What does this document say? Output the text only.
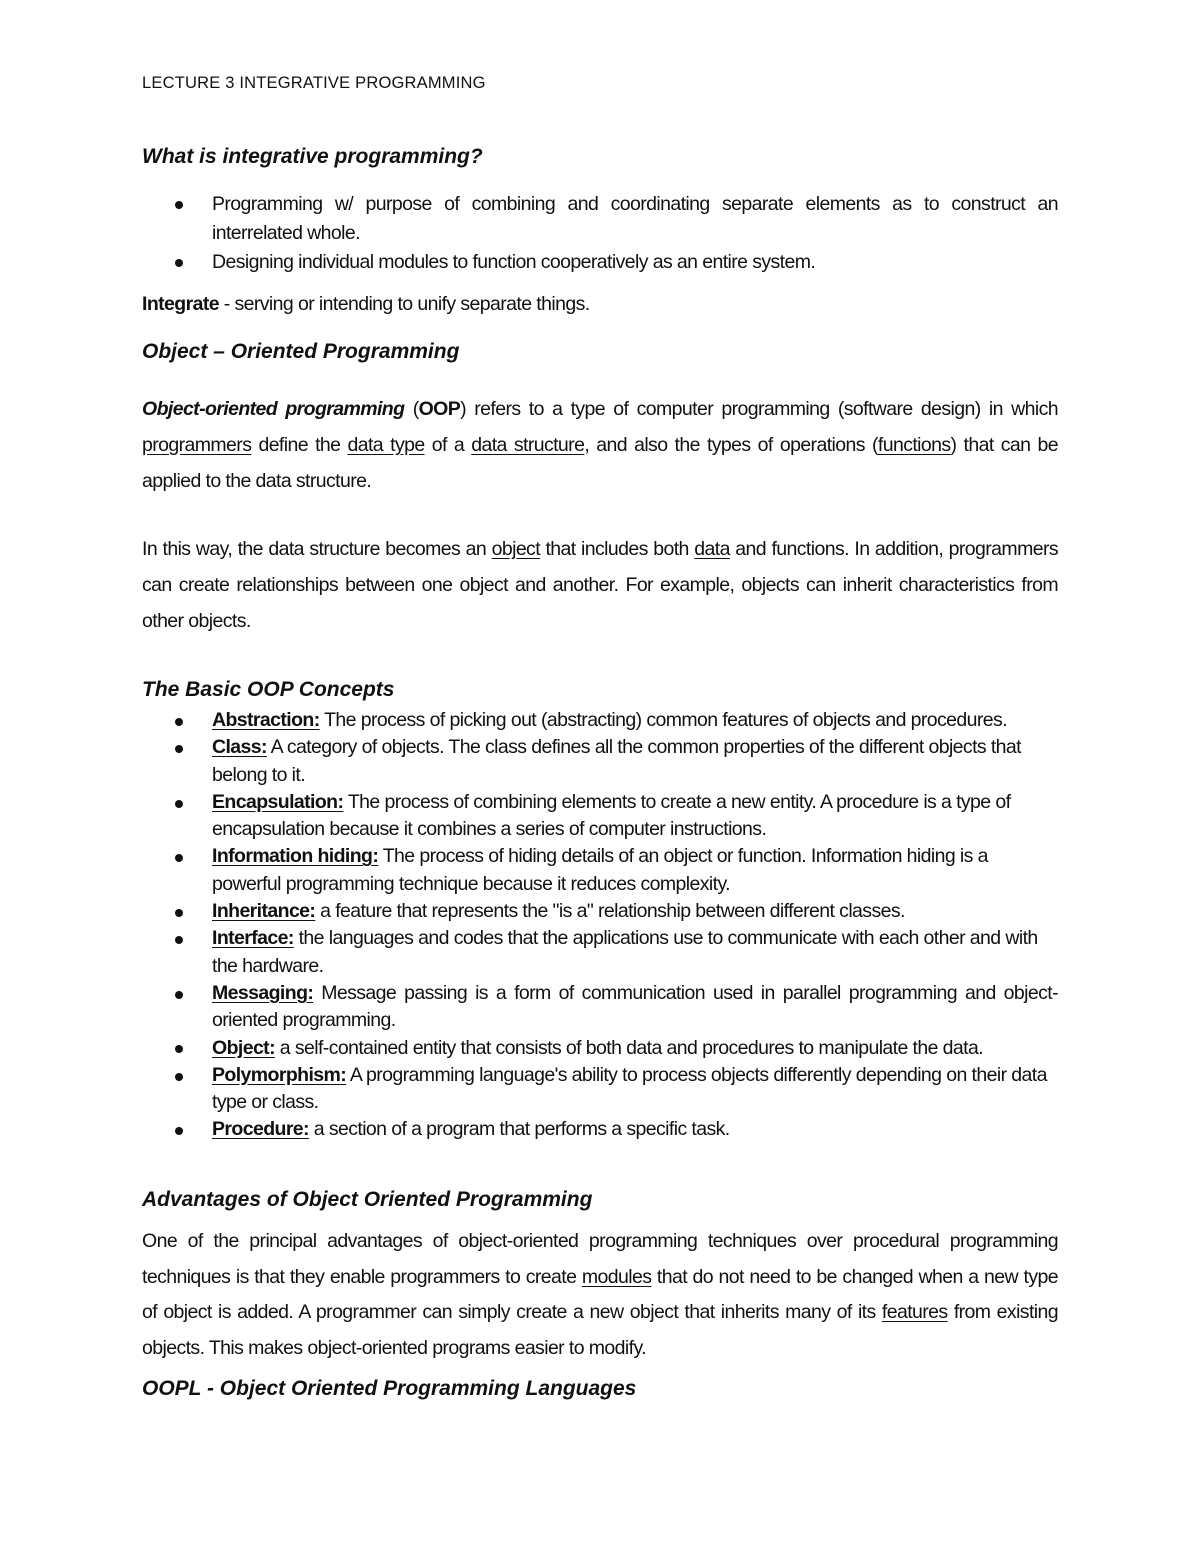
LECTURE 3 INTEGRATIVE PROGRAMMING
What is integrative programming?
Programming w/ purpose of combining and coordinating separate elements as to construct an interrelated whole.
Designing individual modules to function cooperatively as an entire system.
Integrate - serving or intending to unify separate things.
Object – Oriented Programming
Object-oriented programming (OOP) refers to a type of computer programming (software design) in which programmers define the data type of a data structure, and also the types of operations (functions) that can be applied to the data structure.
In this way, the data structure becomes an object that includes both data and functions. In addition, programmers can create relationships between one object and another. For example, objects can inherit characteristics from other objects.
The Basic OOP Concepts
Abstraction: The process of picking out (abstracting) common features of objects and procedures.
Class: A category of objects. The class defines all the common properties of the different objects that belong to it.
Encapsulation: The process of combining elements to create a new entity. A procedure is a type of encapsulation because it combines a series of computer instructions.
Information hiding: The process of hiding details of an object or function. Information hiding is a powerful programming technique because it reduces complexity.
Inheritance: a feature that represents the "is a" relationship between different classes.
Interface: the languages and codes that the applications use to communicate with each other and with the hardware.
Messaging: Message passing is a form of communication used in parallel programming and object-oriented programming.
Object: a self-contained entity that consists of both data and procedures to manipulate the data.
Polymorphism: A programming language's ability to process objects differently depending on their data type or class.
Procedure: a section of a program that performs a specific task.
Advantages of Object Oriented Programming
One of the principal advantages of object-oriented programming techniques over procedural programming techniques is that they enable programmers to create modules that do not need to be changed when a new type of object is added. A programmer can simply create a new object that inherits many of its features from existing objects. This makes object-oriented programs easier to modify.
OOPL - Object Oriented Programming Languages
